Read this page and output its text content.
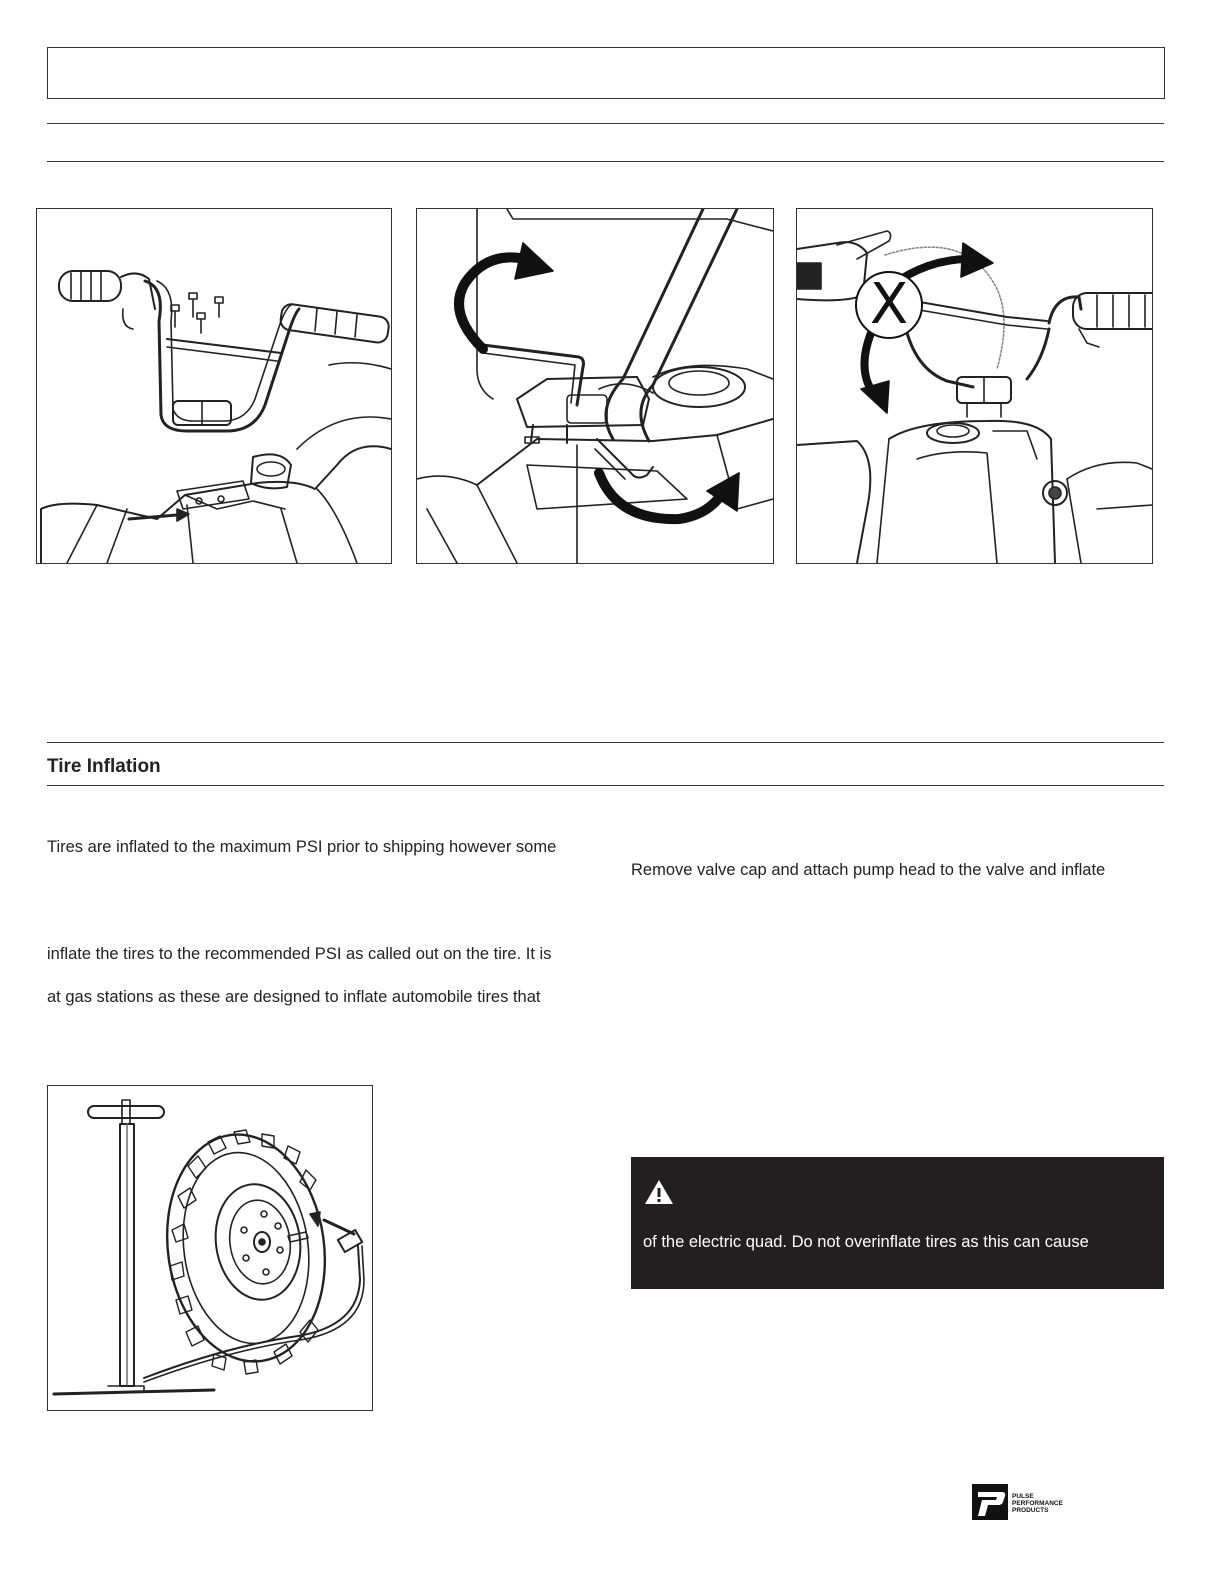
X
Tire Inflation
Tires are inflated to the maximum PSI prior to shipping however some
inflate the tires to the recommended PSI as called out on the tire. It is
at gas stations as these are designed to inflate automobile tires that
Remove valve cap and attach pump head to the valve and inflate
of the electric quad. Do not overinflate tires as this can cause
PULSE
PERFORMANCE
PRODUCTS
